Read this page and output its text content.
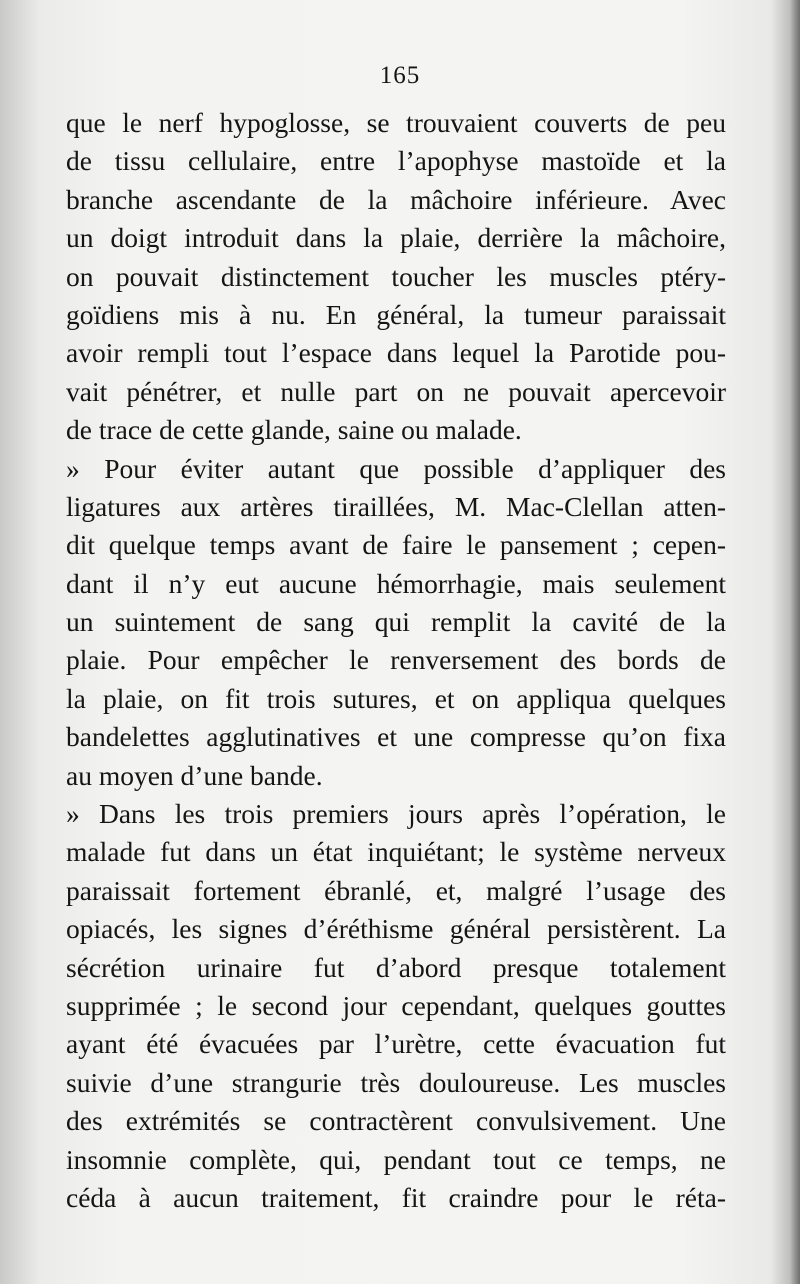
165
que le nerf hypoglosse, se trouvaient couverts de peu
de tissu cellulaire, entre l’apophyse mastoïde et la
branche ascendante de la mâchoire inférieure. Avec
un doigt introduit dans la plaie, derrière la mâchoire,
on pouvait distinctement toucher les muscles ptéry-
goïdiens mis à nu. En général, la tumeur paraissait
avoir rempli tout l’espace dans lequel la Parotide pou-
vait pénétrer, et nulle part on ne pouvait apercevoir
de trace de cette glande, saine ou malade.
» Pour éviter autant que possible d’appliquer des
ligatures aux artères tiraillées, M. Mac-Clellan atten-
dit quelque temps avant de faire le pansement ; cepen-
dant il n’y eut aucune hémorrhagie, mais seulement
un suintement de sang qui remplit la cavité de la
plaie. Pour empêcher le renversement des bords de
la plaie, on fit trois sutures, et on appliqua quelques
bandelettes agglutinatives et une compresse qu’on fixa
au moyen d’une bande.
» Dans les trois premiers jours après l’opération, le
malade fut dans un état inquiétant; le système nerveux
paraissait fortement ébranlé, et, malgré l’usage des
opiacés, les signes d’éréthisme général persistèrent. La
sécrétion urinaire fut d’abord presque totalement
supprimée ; le second jour cependant, quelques gouttes
ayant été évacuées par l’urètre, cette évacuation fut
suivie d’une strangurie très douloureuse. Les muscles
des extrémités se contractèrent convulsivement. Une
insomnie complète, qui, pendant tout ce temps, ne
céda à aucun traitement, fit craindre pour le réta-
